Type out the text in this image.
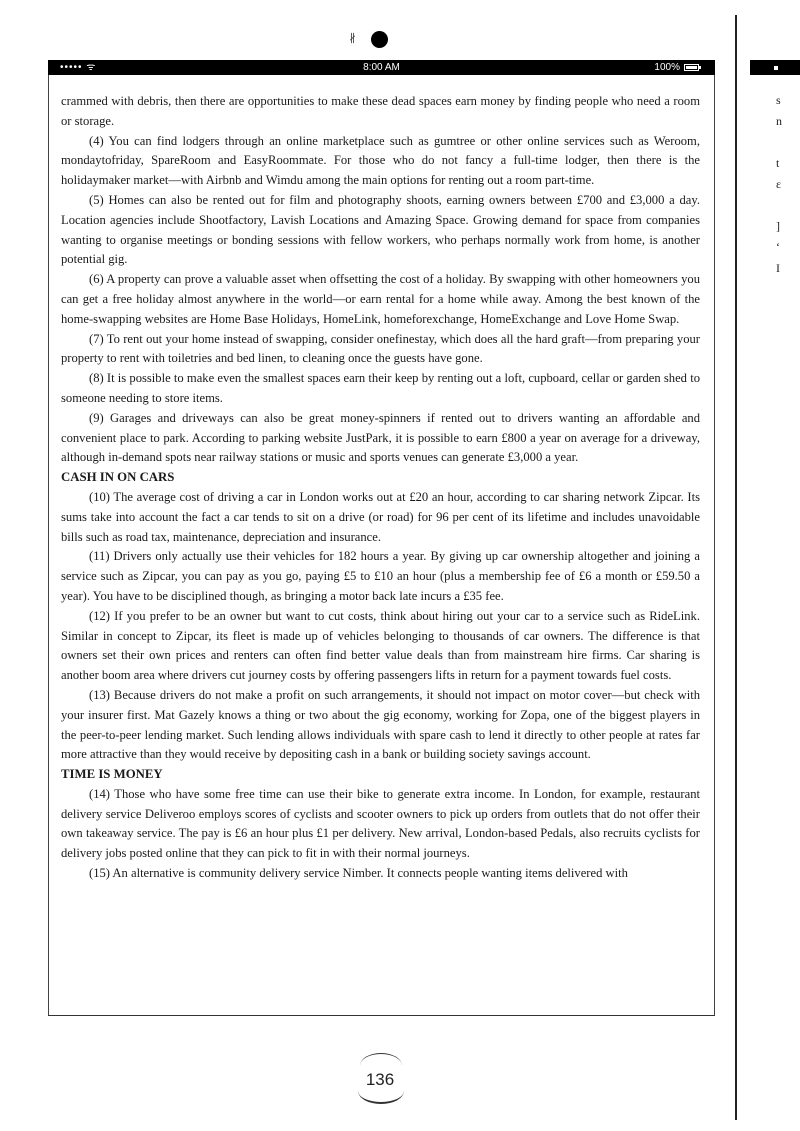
∦
••••• ᯤ	8:00 AM	100%
s
n
t
ε
]
‘
I

crammed with debris, then there are opportunities to make these dead spaces earn money by finding people who need a room or storage.

(4) You can find lodgers through an online marketplace such as gumtree or other online services such as Weroom, mondaytofriday, SpareRoom and EasyRoommate. For those who do not fancy a full-time lodger, then there is the holidaymaker market—with Airbnb and Wimdu among the main options for renting out a room part-time.

(5) Homes can also be rented out for film and photography shoots, earning owners between £700 and £3,000 a day. Location agencies include Shootfactory, Lavish Locations and Amazing Space. Growing demand for space from companies wanting to organise meetings or bonding sessions with fellow workers, who perhaps normally work from home, is another potential gig.

(6) A property can prove a valuable asset when offsetting the cost of a holiday. By swapping with other homeowners you can get a free holiday almost anywhere in the world—or earn rental for a home while away. Among the best known of the home-swapping websites are Home Base Holidays, HomeLink, homeforexchange, HomeExchange and Love Home Swap.

(7) To rent out your home instead of swapping, consider onefinestay, which does all the hard graft—from preparing your property to rent with toiletries and bed linen, to cleaning once the guests have gone.

(8) It is possible to make even the smallest spaces earn their keep by renting out a loft, cupboard, cellar or garden shed to someone needing to store items.

(9) Garages and driveways can also be great money-spinners if rented out to drivers wanting an affordable and convenient place to park. According to parking website JustPark, it is possible to earn £800 a year on average for a driveway, although in-demand spots near railway stations or music and sports venues can generate £3,000 a year.

CASH IN ON CARS

(10) The average cost of driving a car in London works out at £20 an hour, according to car sharing network Zipcar. Its sums take into account the fact a car tends to sit on a drive (or road) for 96 per cent of its lifetime and includes unavoidable bills such as road tax, maintenance, depreciation and insurance.

(11) Drivers only actually use their vehicles for 182 hours a year. By giving up car ownership altogether and joining a service such as Zipcar, you can pay as you go, paying £5 to £10 an hour (plus a membership fee of £6 a month or £59.50 a year). You have to be disciplined though, as bringing a motor back late incurs a £35 fee.

(12) If you prefer to be an owner but want to cut costs, think about hiring out your car to a service such as RideLink. Similar in concept to Zipcar, its fleet is made up of vehicles belonging to thousands of car owners. The difference is that owners set their own prices and renters can often find better value deals than from mainstream hire firms. Car sharing is another boom area where drivers cut journey costs by offering passengers lifts in return for a payment towards fuel costs.

(13) Because drivers do not make a profit on such arrangements, it should not impact on motor cover—but check with your insurer first. Mat Gazely knows a thing or two about the gig economy, working for Zopa, one of the biggest players in the peer-to-peer lending market. Such lending allows individuals with spare cash to lend it directly to other people at rates far more attractive than they would receive by depositing cash in a bank or building society savings account.

TIME IS MONEY

(14) Those who have some free time can use their bike to generate extra income. In London, for example, restaurant delivery service Deliveroo employs scores of cyclists and scooter owners to pick up orders from outlets that do not offer their own takeaway service. The pay is £6 an hour plus £1 per delivery. New arrival, London-based Pedals, also recruits cyclists for delivery jobs posted online that they can pick to fit in with their normal journeys.

(15) An alternative is community delivery service Nimber. It connects people wanting items delivered with

136
